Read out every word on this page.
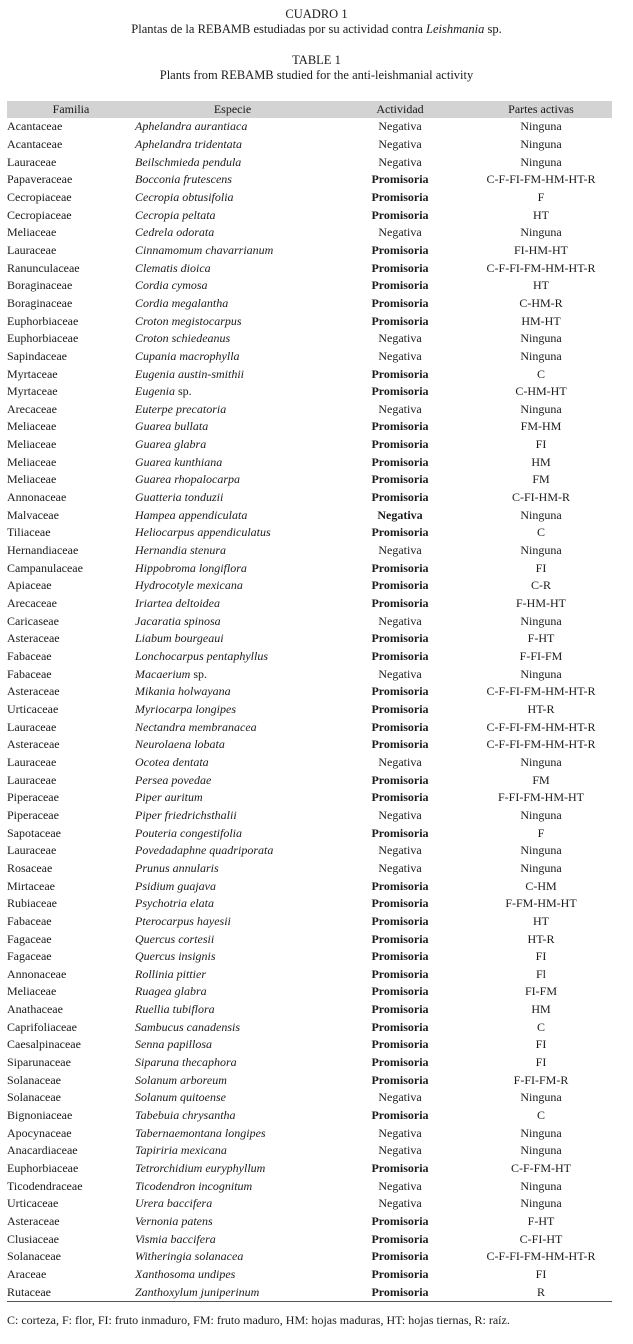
CUADRO 1
Plantas de la REBAMB estudiadas por su actividad contra Leishmania sp.
TABLE 1
Plants from REBAMB studied for the anti-leishmanial activity
Familia	Especie	Actividad	Partes activas
Acantaceae	Aphelandra aurantiaca	Negativa	Ninguna
Acantaceae	Aphelandra tridentata	Negativa	Ninguna
Lauraceae	Beilschmieda pendula	Negativa	Ninguna
Papaveraceae	Bocconia frutescens	Promisoria	C-F-FI-FM-HM-HT-R
Cecropiaceae	Cecropia obtusifolia	Promisoria	F
Cecropiaceae	Cecropia peltata	Promisoria	HT
Meliaceae	Cedrela odorata	Negativa	Ninguna
Lauraceae	Cinnamomum chavarrianum	Promisoria	FI-HM-HT
Ranunculaceae	Clematis dioica	Promisoria	C-F-FI-FM-HM-HT-R
Boraginaceae	Cordia cymosa	Promisoria	HT
Boraginaceae	Cordia megalantha	Promisoria	C-HM-R
Euphorbiaceae	Croton megistocarpus	Promisoria	HM-HT
Euphorbiaceae	Croton schiedeanus	Negativa	Ninguna
Sapindaceae	Cupania macrophylla	Negativa	Ninguna
Myrtaceae	Eugenia austin-smithii	Promisoria	C
Myrtaceae	Eugenia sp.	Promisoria	C-HM-HT
Arecaceae	Euterpe precatoria	Negativa	Ninguna
Meliaceae	Guarea bullata	Promisoria	FM-HM
Meliaceae	Guarea glabra	Promisoria	FI
Meliaceae	Guarea kunthiana	Promisoria	HM
Meliaceae	Guarea rhopalocarpa	Promisoria	FM
Annonaceae	Guatteria tonduzii	Promisoria	C-FI-HM-R
Malvaceae	Hampea appendiculata	Negativa	Ninguna
Tiliaceae	Heliocarpus appendiculatus	Promisoria	C
Hernandiaceae	Hernandia stenura	Negativa	Ninguna
Campanulaceae	Hippobroma longiflora	Promisoria	FI
Apiaceae	Hydrocotyle mexicana	Promisoria	C-R
Arecaceae	Iriartea deltoidea	Promisoria	F-HM-HT
Caricaseae	Jacaratia spinosa	Negativa	Ninguna
Asteraceae	Liabum bourgeaui	Promisoria	F-HT
Fabaceae	Lonchocarpus pentaphyllus	Promisoria	F-FI-FM
Fabaceae	Macaerium sp.	Negativa	Ninguna
Asteraceae	Mikania holwayana	Promisoria	C-F-FI-FM-HM-HT-R
Urticaceae	Myriocarpa longipes	Promisoria	HT-R
Lauraceae	Nectandra membranacea	Promisoria	C-F-FI-FM-HM-HT-R
Asteraceae	Neurolaena lobata	Promisoria	C-F-FI-FM-HM-HT-R
Lauraceae	Ocotea dentata	Negativa	Ninguna
Lauraceae	Persea povedae	Promisoria	FM
Piperaceae	Piper auritum	Promisoria	F-FI-FM-HM-HT
Piperaceae	Piper friedrichsthalii	Negativa	Ninguna
Sapotaceae	Pouteria congestifolia	Promisoria	F
Lauraceae	Povedadaphne quadriporata	Negativa	Ninguna
Rosaceae	Prunus annularis	Negativa	Ninguna
Mirtaceae	Psidium guajava	Promisoria	C-HM
Rubiaceae	Psychotria elata	Promisoria	F-FM-HM-HT
Fabaceae	Pterocarpus hayesii	Promisoria	HT
Fagaceae	Quercus cortesii	Promisoria	HT-R
Fagaceae	Quercus insignis	Promisoria	FI
Annonaceae	Rollinia pittier	Promisoria	Fl
Meliaceae	Ruagea glabra	Promisoria	FI-FM
Anathaceae	Ruellia tubiflora	Promisoria	HM
Caprifoliaceae	Sambucus canadensis	Promisoria	C
Caesalpinaceae	Senna papillosa	Promisoria	FI
Siparunaceae	Siparuna thecaphora	Promisoria	FI
Solanaceae	Solanum arboreum	Promisoria	F-FI-FM-R
Solanaceae	Solanum quitoense	Negativa	Ninguna
Bignoniaceae	Tabebuia chrysantha	Promisoria	C
Apocynaceae	Tabernaemontana longipes	Negativa	Ninguna
Anacardiaceae	Tapiriria mexicana	Negativa	Ninguna
Euphorbiaceae	Tetrorchidium euryphyllum	Promisoria	C-F-FM-HT
Ticodendraceae	Ticodendron incognitum	Negativa	Ninguna
Urticaceae	Urera baccifera	Negativa	Ninguna
Asteraceae	Vernonia patens	Promisoria	F-HT
Clusiaceae	Vismia baccifera	Promisoria	C-FI-HT
Solanaceae	Witheringia solanacea	Promisoria	C-F-FI-FM-HM-HT-R
Araceae	Xanthosoma undipes	Promisoria	FI
Rutaceae	Zanthoxylum juniperinum	Promisoria	R
C: corteza, F: flor, FI: fruto inmaduro, FM: fruto maduro, HM: hojas maduras, HT: hojas tiernas, R: raíz.
